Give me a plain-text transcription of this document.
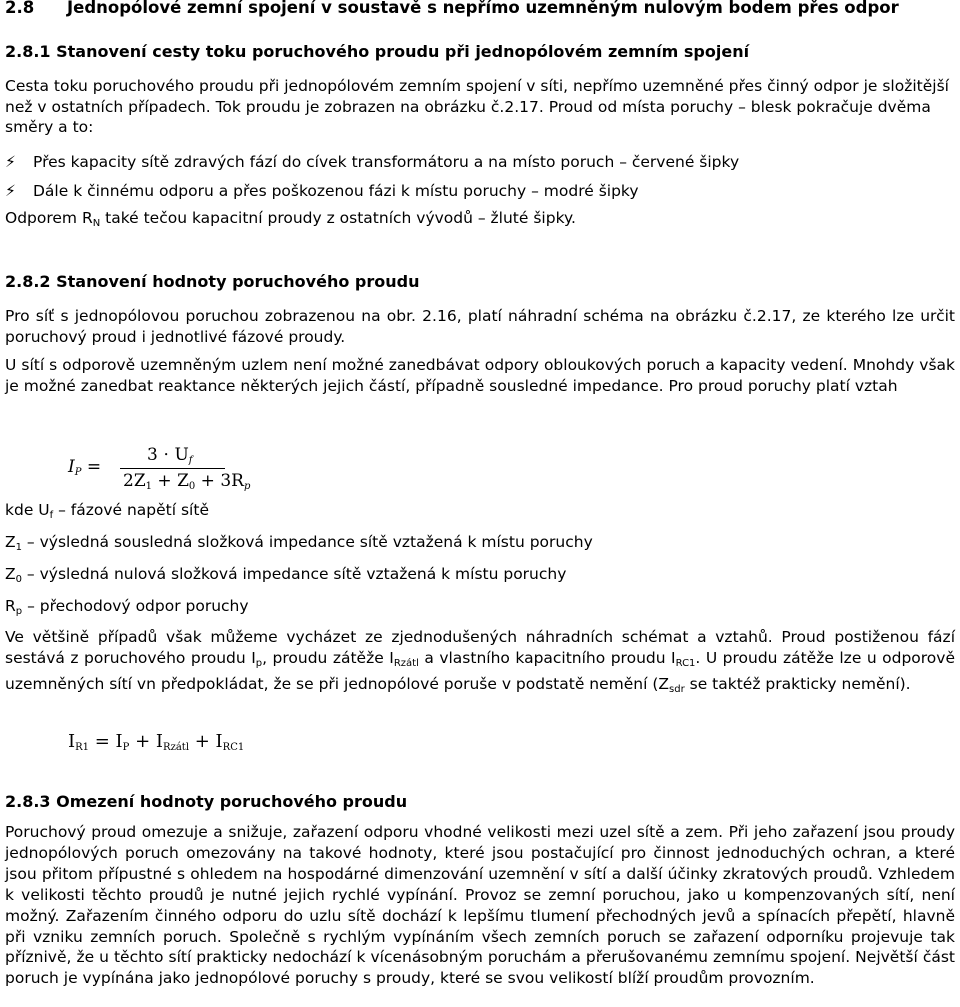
2.8 Jednopólové zemní spojení v soustavě s nepřímo uzemněným nulovým bodem přes odpor
2.8.1 Stanovení cesty toku poruchového proudu při jednopólovém zemním spojení

Cesta toku poruchového proudu při jednopólovém zemním spojení v síti, nepřímo uzemněné přes činný odpor je složitější než v ostatních případech. Tok proudu je zobrazen na obrázku č.2.17. Proud od místa poruchy – blesk pokračuje dvěma směry a to:

⚡ Přes kapacity sítě zdravých fází do cívek transformátoru a na místo poruch – červené šipky
⚡ Dále k činnému odporu a přes poškozenou fázi k místu poruchy – modré šipky
Odporem $R_N$ také tečou kapacitní proudy z ostatních vývodů – žluté šipky.
2.8.2 Stanovení hodnoty poruchového proudu

Pro síť s jednopólovou poruchou zobrazenou na obr. 2.16, platí náhradní schéma na obrázku č.2.17, ze kterého lze určit poruchový proud i jednotlivé fázové proudy.

U sítí s odporově uzemněným uzlem není možné zanedbávat odpory obloukových poruch a kapacity vedení. Mnohdy však je možné zanedbat reaktance některých jejich částí, případně sousledné impedance. Pro proud poruchy platí vztah

$I_P$ =
$3 \cdot U_f$
$2Z_1 + Z_0 + 3R_p$
kde $U_f$ – fázové napětí sítě
$Z_1$ – výsledná sousledná složková impedance sítě vztažená k místu poruchy
$Z_0$ – výsledná nulová složková impedance sítě vztažená k místu poruchy
$R_p$ – přechodový odpor poruchy

Ve většině případů však můžeme vycházet ze zjednodušených náhradních schémat a vztahů. Proud postiženou fází sestává z poruchového proudu $I_p$, proudu zátěže $I_{Rzátl}$ a vlastního kapacitního proudu $I_{RC1}$. U proudu zátěže lze u odporově uzemněných sítí vn předpokládat, že se při jednopólové poruše v podstatě nemění ($Z_{sdr}$ se taktéž prakticky nemění).

$I_{R1} = I_P + I_{Rzátl} + I_{RC1}$
2.8.3 Omezení hodnoty poruchového proudu

Poruchový proud omezuje a snižuje, zařazení odporu vhodné velikosti mezi uzel sítě a zem. Při jeho zařazení jsou proudy jednopólových poruch omezovány na takové hodnoty, které jsou postačující pro činnost jednoduchých ochran, a které jsou přitom přípustné s ohledem na hospodárné dimenzování uzemnění v sítí a další účinky zkratových proudů. Vzhledem k velikosti těchto proudů je nutné jejich rychlé vypínání. Provoz se zemní poruchou, jako u kompenzovaných sítí, není možný. Zařazením činného odporu do uzlu sítě dochází k lepšímu tlumení přechodných jevů a spínacích přepětí, hlavně při vzniku zemních poruch. Společně s rychlým vypínáním všech zemních poruch se zařazení odporníku projevuje tak příznivě, že u těchto sítí prakticky nedochází k vícenásobným poruchám a přerušovanému zemnímu spojení. Největší část poruch je vypínána jako jednopólové poruchy s proudy, které se svou velikostí blíží proudům provozním.
